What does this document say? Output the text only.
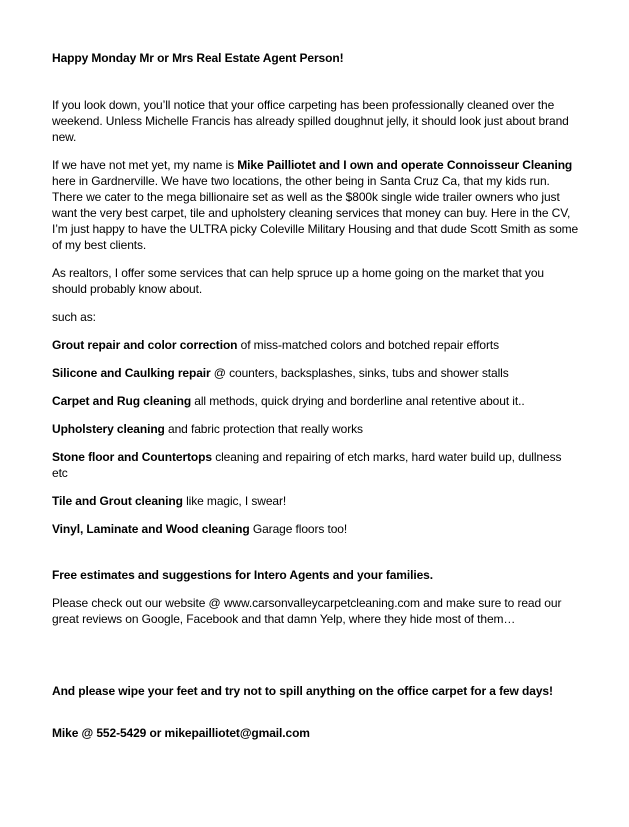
Happy Monday Mr or Mrs Real Estate Agent Person!

If you look down, you’ll notice that your office carpeting has been professionally cleaned over the weekend. Unless Michelle Francis has already spilled doughnut jelly, it should look just about brand new.

If we have not met yet, my name is Mike Pailliotet and I own and operate Connoisseur Cleaning here in Gardnerville. We have two locations, the other being in Santa Cruz Ca, that my kids run. There we cater to the mega billionaire set as well as the $800k single wide trailer owners who just want the very best carpet, tile and upholstery cleaning services that money can buy. Here in the CV, I’m just happy to have the ULTRA picky Coleville Military Housing and that dude Scott Smith as some of my best clients.

As realtors, I offer some services that can help spruce up a home going on the market that you should probably know about.

such as:

Grout repair and color correction of miss-matched colors and botched repair efforts

Silicone and Caulking repair @ counters, backsplashes, sinks, tubs and shower stalls

Carpet and Rug cleaning all methods, quick drying and borderline anal retentive about it..

Upholstery cleaning and fabric protection that really works

Stone floor and Countertops cleaning and repairing of etch marks, hard water build up, dullness etc

Tile and Grout cleaning like magic, I swear!

Vinyl, Laminate and Wood cleaning Garage floors too!

Free estimates and suggestions for Intero Agents and your families.

Please check out our website @ www.carsonvalleycarpetcleaning.com and make sure to read our great reviews on Google, Facebook and that damn Yelp, where they hide most of them…

And please wipe your feet and try not to spill anything on the office carpet for a few days!

Mike @ 552-5429 or mikepailliotet@gmail.com
